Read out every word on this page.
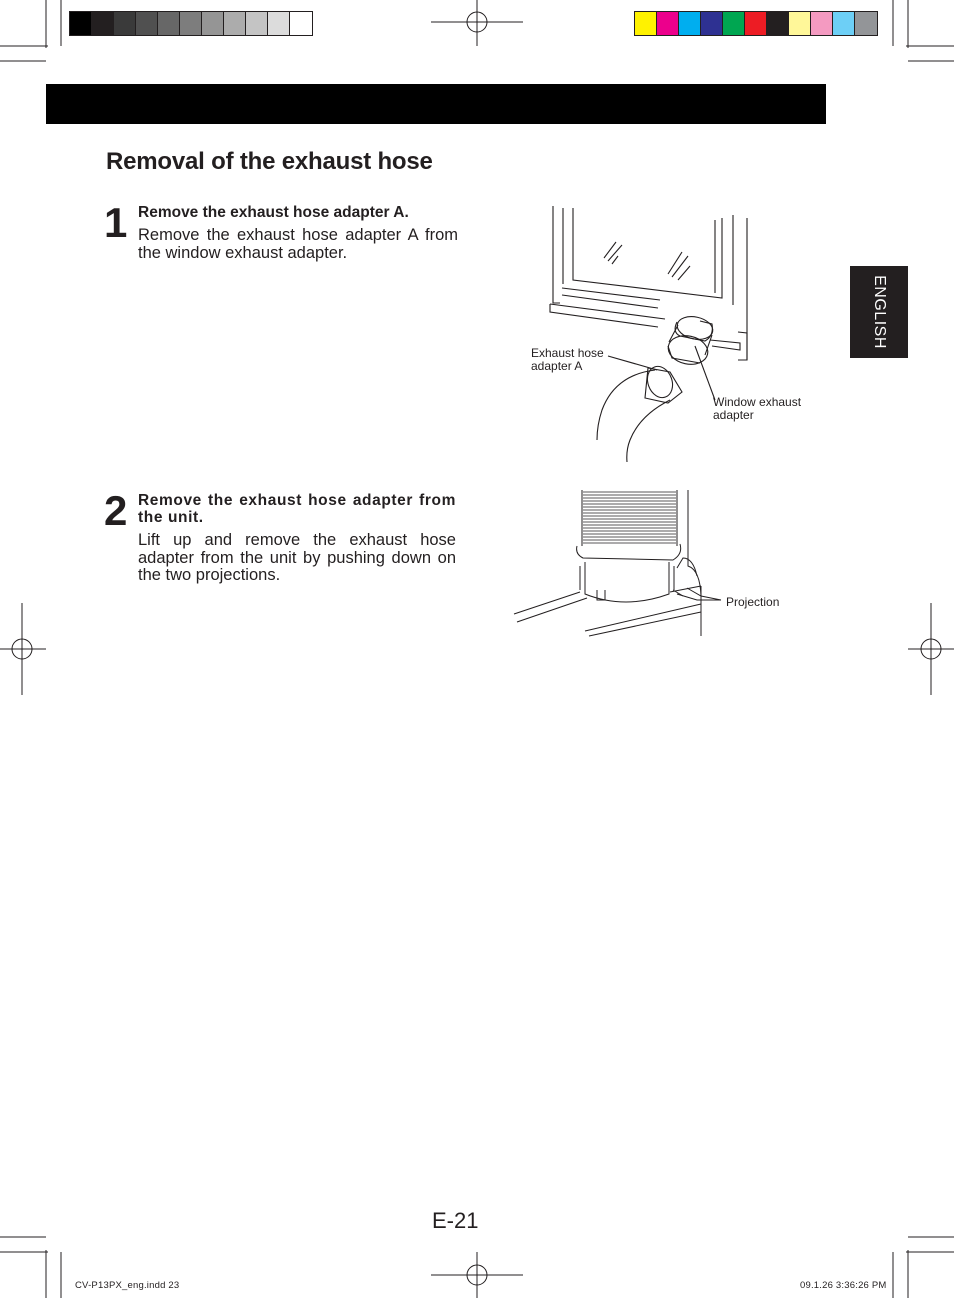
Removal of the exhaust hose
ENGLISH
1 Remove the exhaust hose adapter A.
Remove the exhaust hose adapter A from the window exhaust adapter.
2 Remove the exhaust hose adapter from the unit.
Lift up and remove the exhaust hose adapter from the unit by pushing down on the two projections.
Exhaust hose adapter A
Window exhaust adapter
Projection
E-21
CV-P13PX_eng.indd 23	09.1.26 3:36:26 PM
